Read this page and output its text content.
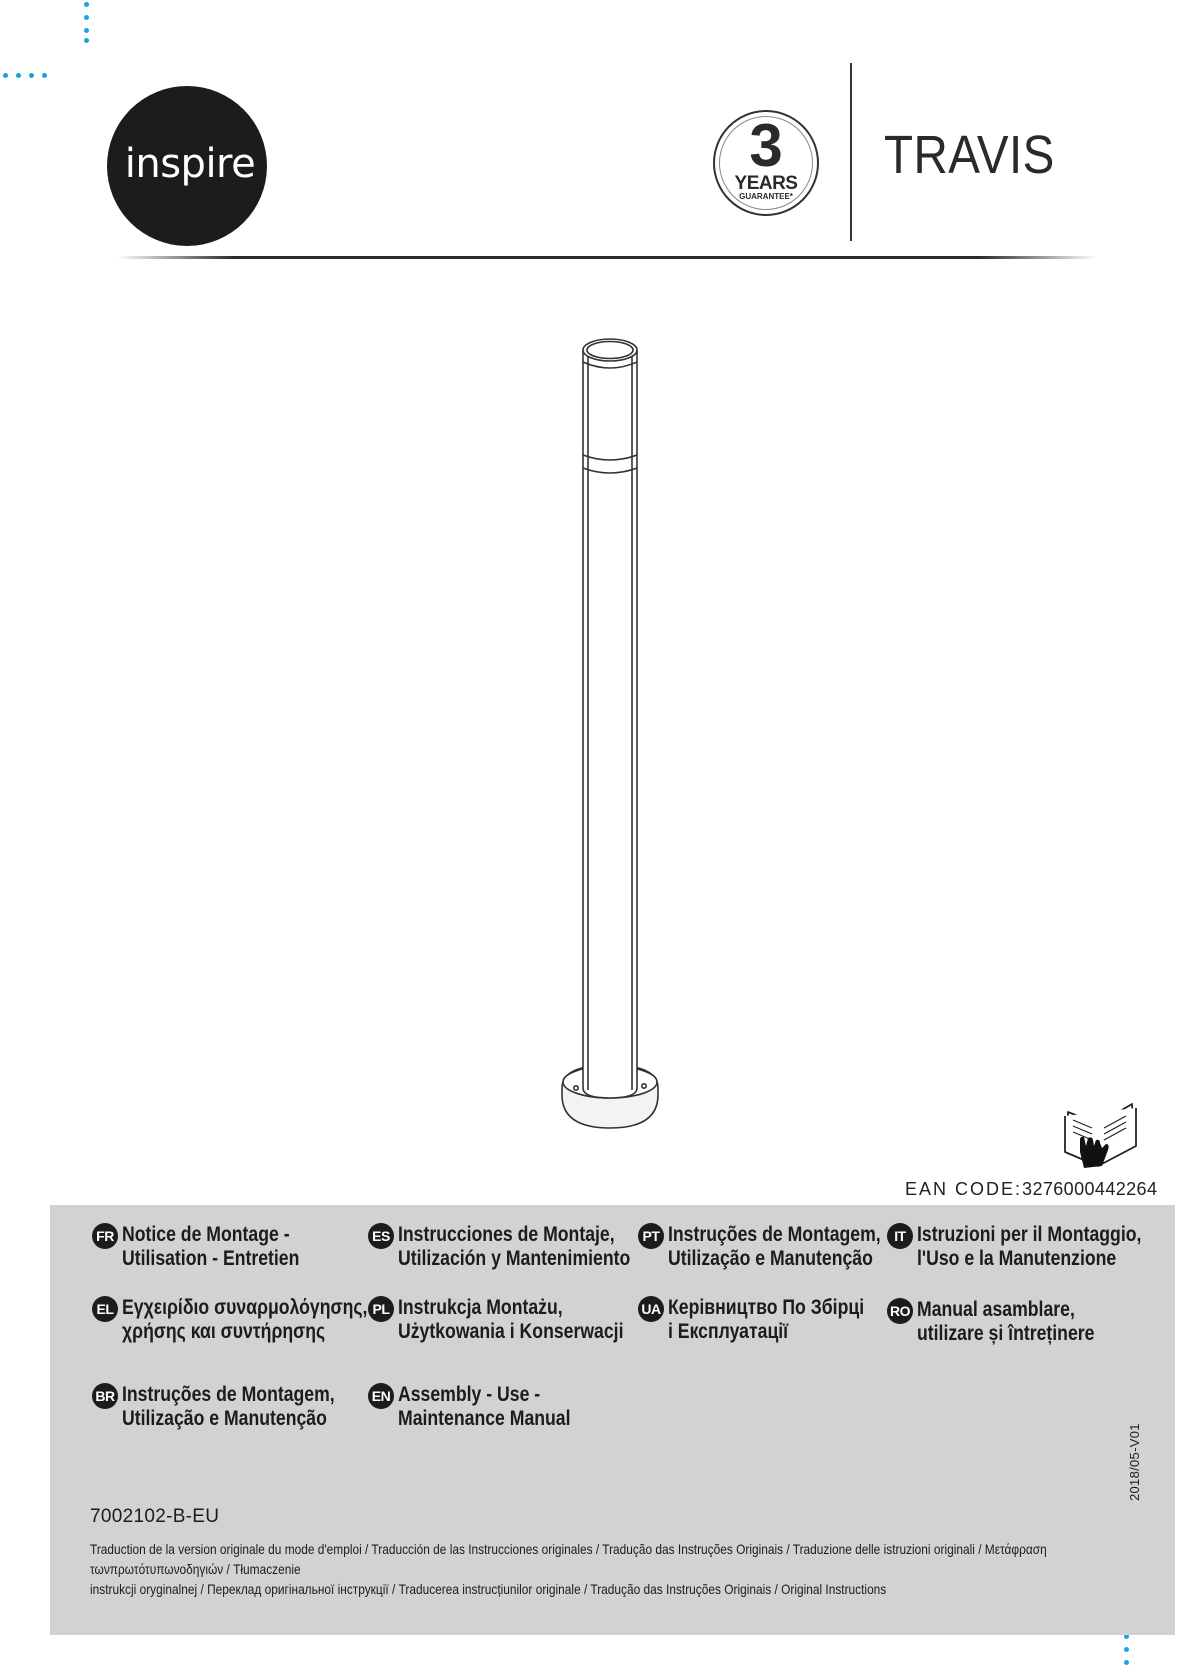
inspire	3
YEARS
GUARANTEE*
TRAVIS
EAN CODE:3276000442264
FR Notice de Montage -
Utilisation - Entretien
ES Instrucciones de Montaje,
Utilización y Mantenimiento
PT Instruções de Montagem,
Utilização e Manutenção
IT Istruzioni per il Montaggio,
l'Uso e la Manutenzione
EL Εγχειρίδιο συναρμολόγησης,
χρήσης και συντήρησης
PL Instrukcja Montażu,
Użytkowania i Konserwacji
UA Керівництво По Збірці
і Експлуатації
RO Manual asamblare,
utilizare și întreținere
BR Instruções de Montagem,
Utilização e Manutenção
EN Assembly - Use -
Maintenance Manual
7002102-B-EU
Traduction de la version originale du mode d'emploi / Traducción de las Instrucciones originales / Tradução das Instruções Originais / Traduzione delle istruzioni originali / Μετάφραση τωνπρωτότυπωνοδηγιών / Tłumaczenie
instrukcji oryginalnej / Переклад оригінальної інструкції / Traducerea instrucțiunilor originale / Tradução das Instruções Originais / Original Instructions
2018/05-V01
